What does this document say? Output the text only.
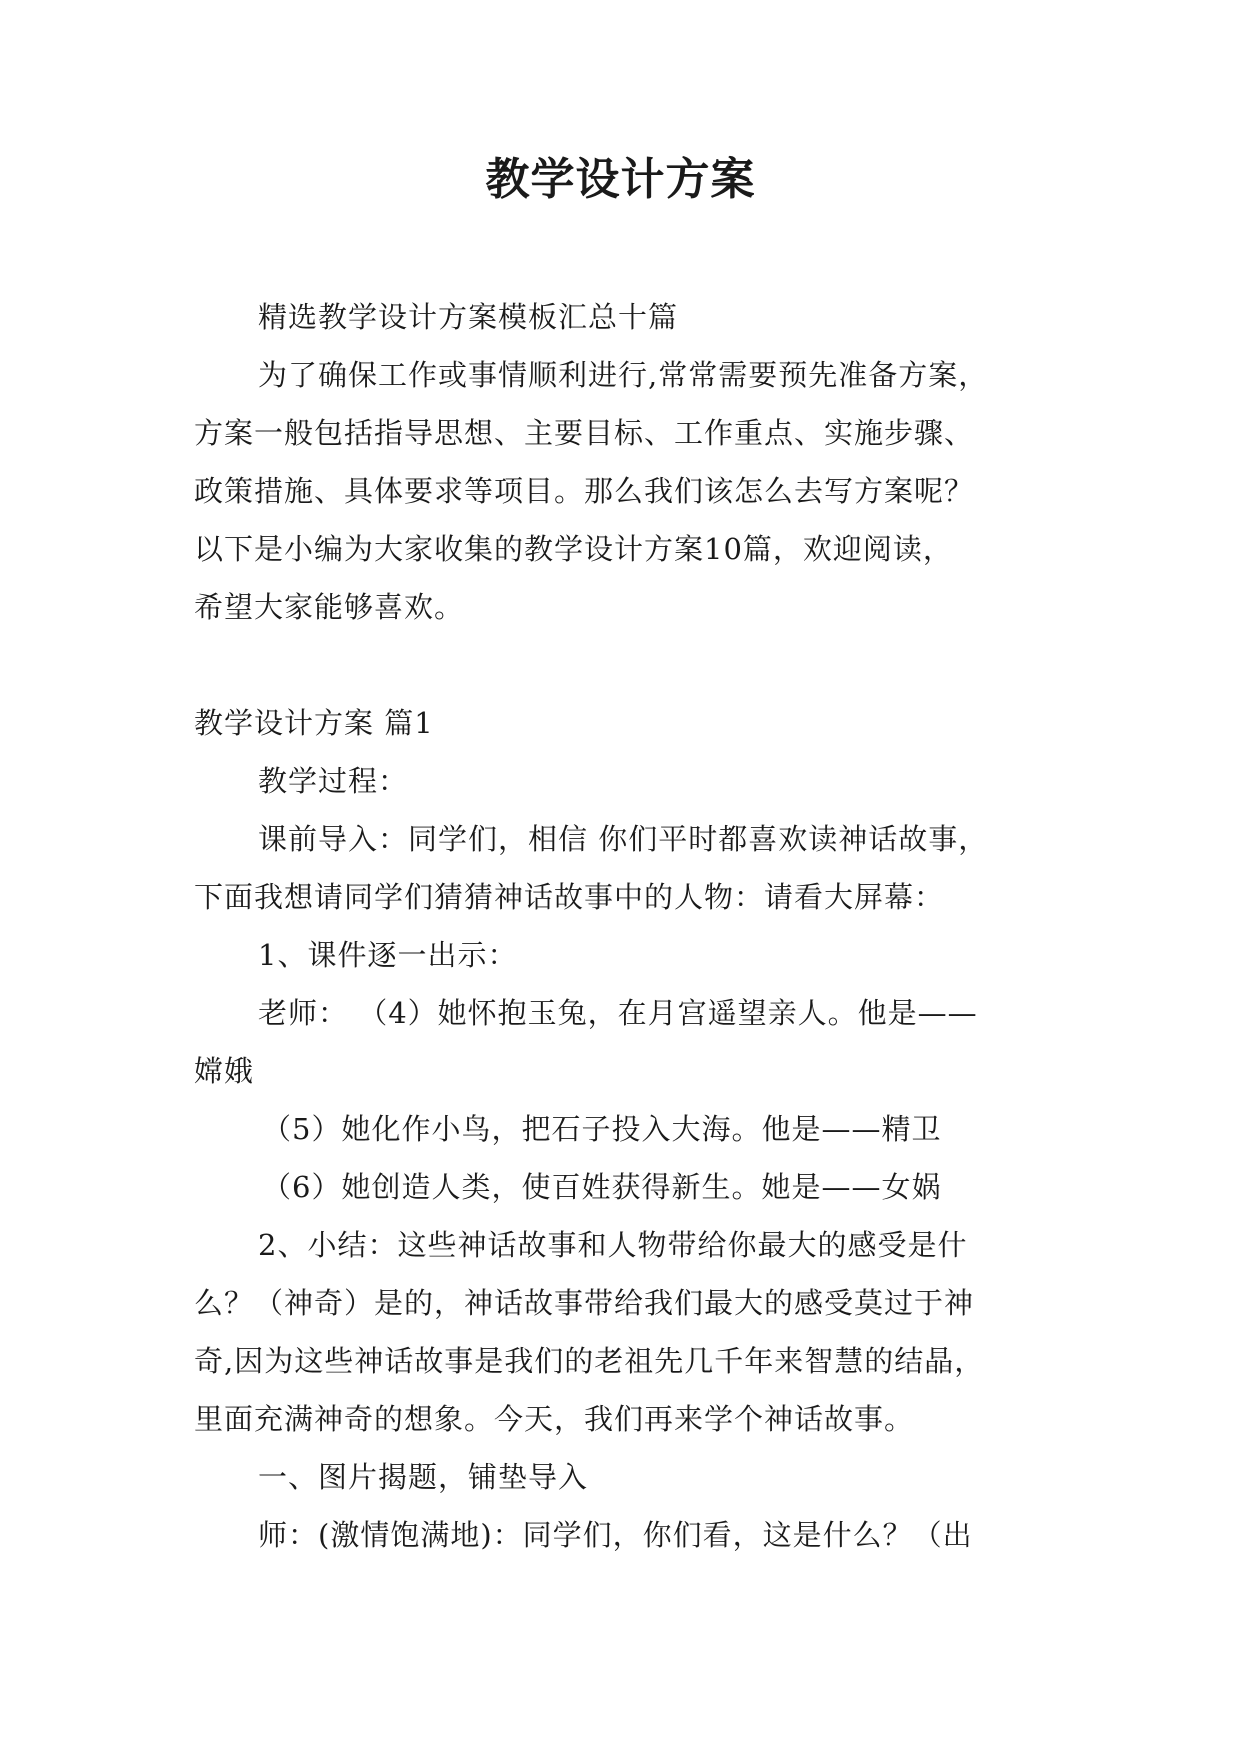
教学设计方案

精选教学设计方案模板汇总十篇

为了确保工作或事情顺利进行,常常需要预先准备方案，

方案一般包括指导思想、主要目标、工作重点、实施步骤、

政策措施、具体要求等项目。那么我们该怎么去写方案呢？

以下是小编为大家收集的教学设计方案10篇，欢迎阅读，

希望大家能够喜欢。

教学设计方案 篇1

教学过程：

课前导入：同学们，相信 你们平时都喜欢读神话故事，

下面我想请同学们猜猜神话故事中的人物：请看大屏幕：

1、课件逐一出示：

老师： （4）她怀抱玉兔，在月宫遥望亲人。他是——

嫦娥

（5）她化作小鸟，把石子投入大海。他是——精卫

（6）她创造人类，使百姓获得新生。她是——女娲

2、小结：这些神话故事和人物带给你最大的感受是什

么？（神奇）是的，神话故事带给我们最大的感受莫过于神

奇,因为这些神话故事是我们的老祖先几千年来智慧的结晶，

里面充满神奇的想象。今天，我们再来学个神话故事。

一、图片揭题，铺垫导入

师：(激情饱满地)：同学们，你们看，这是什么？（出
